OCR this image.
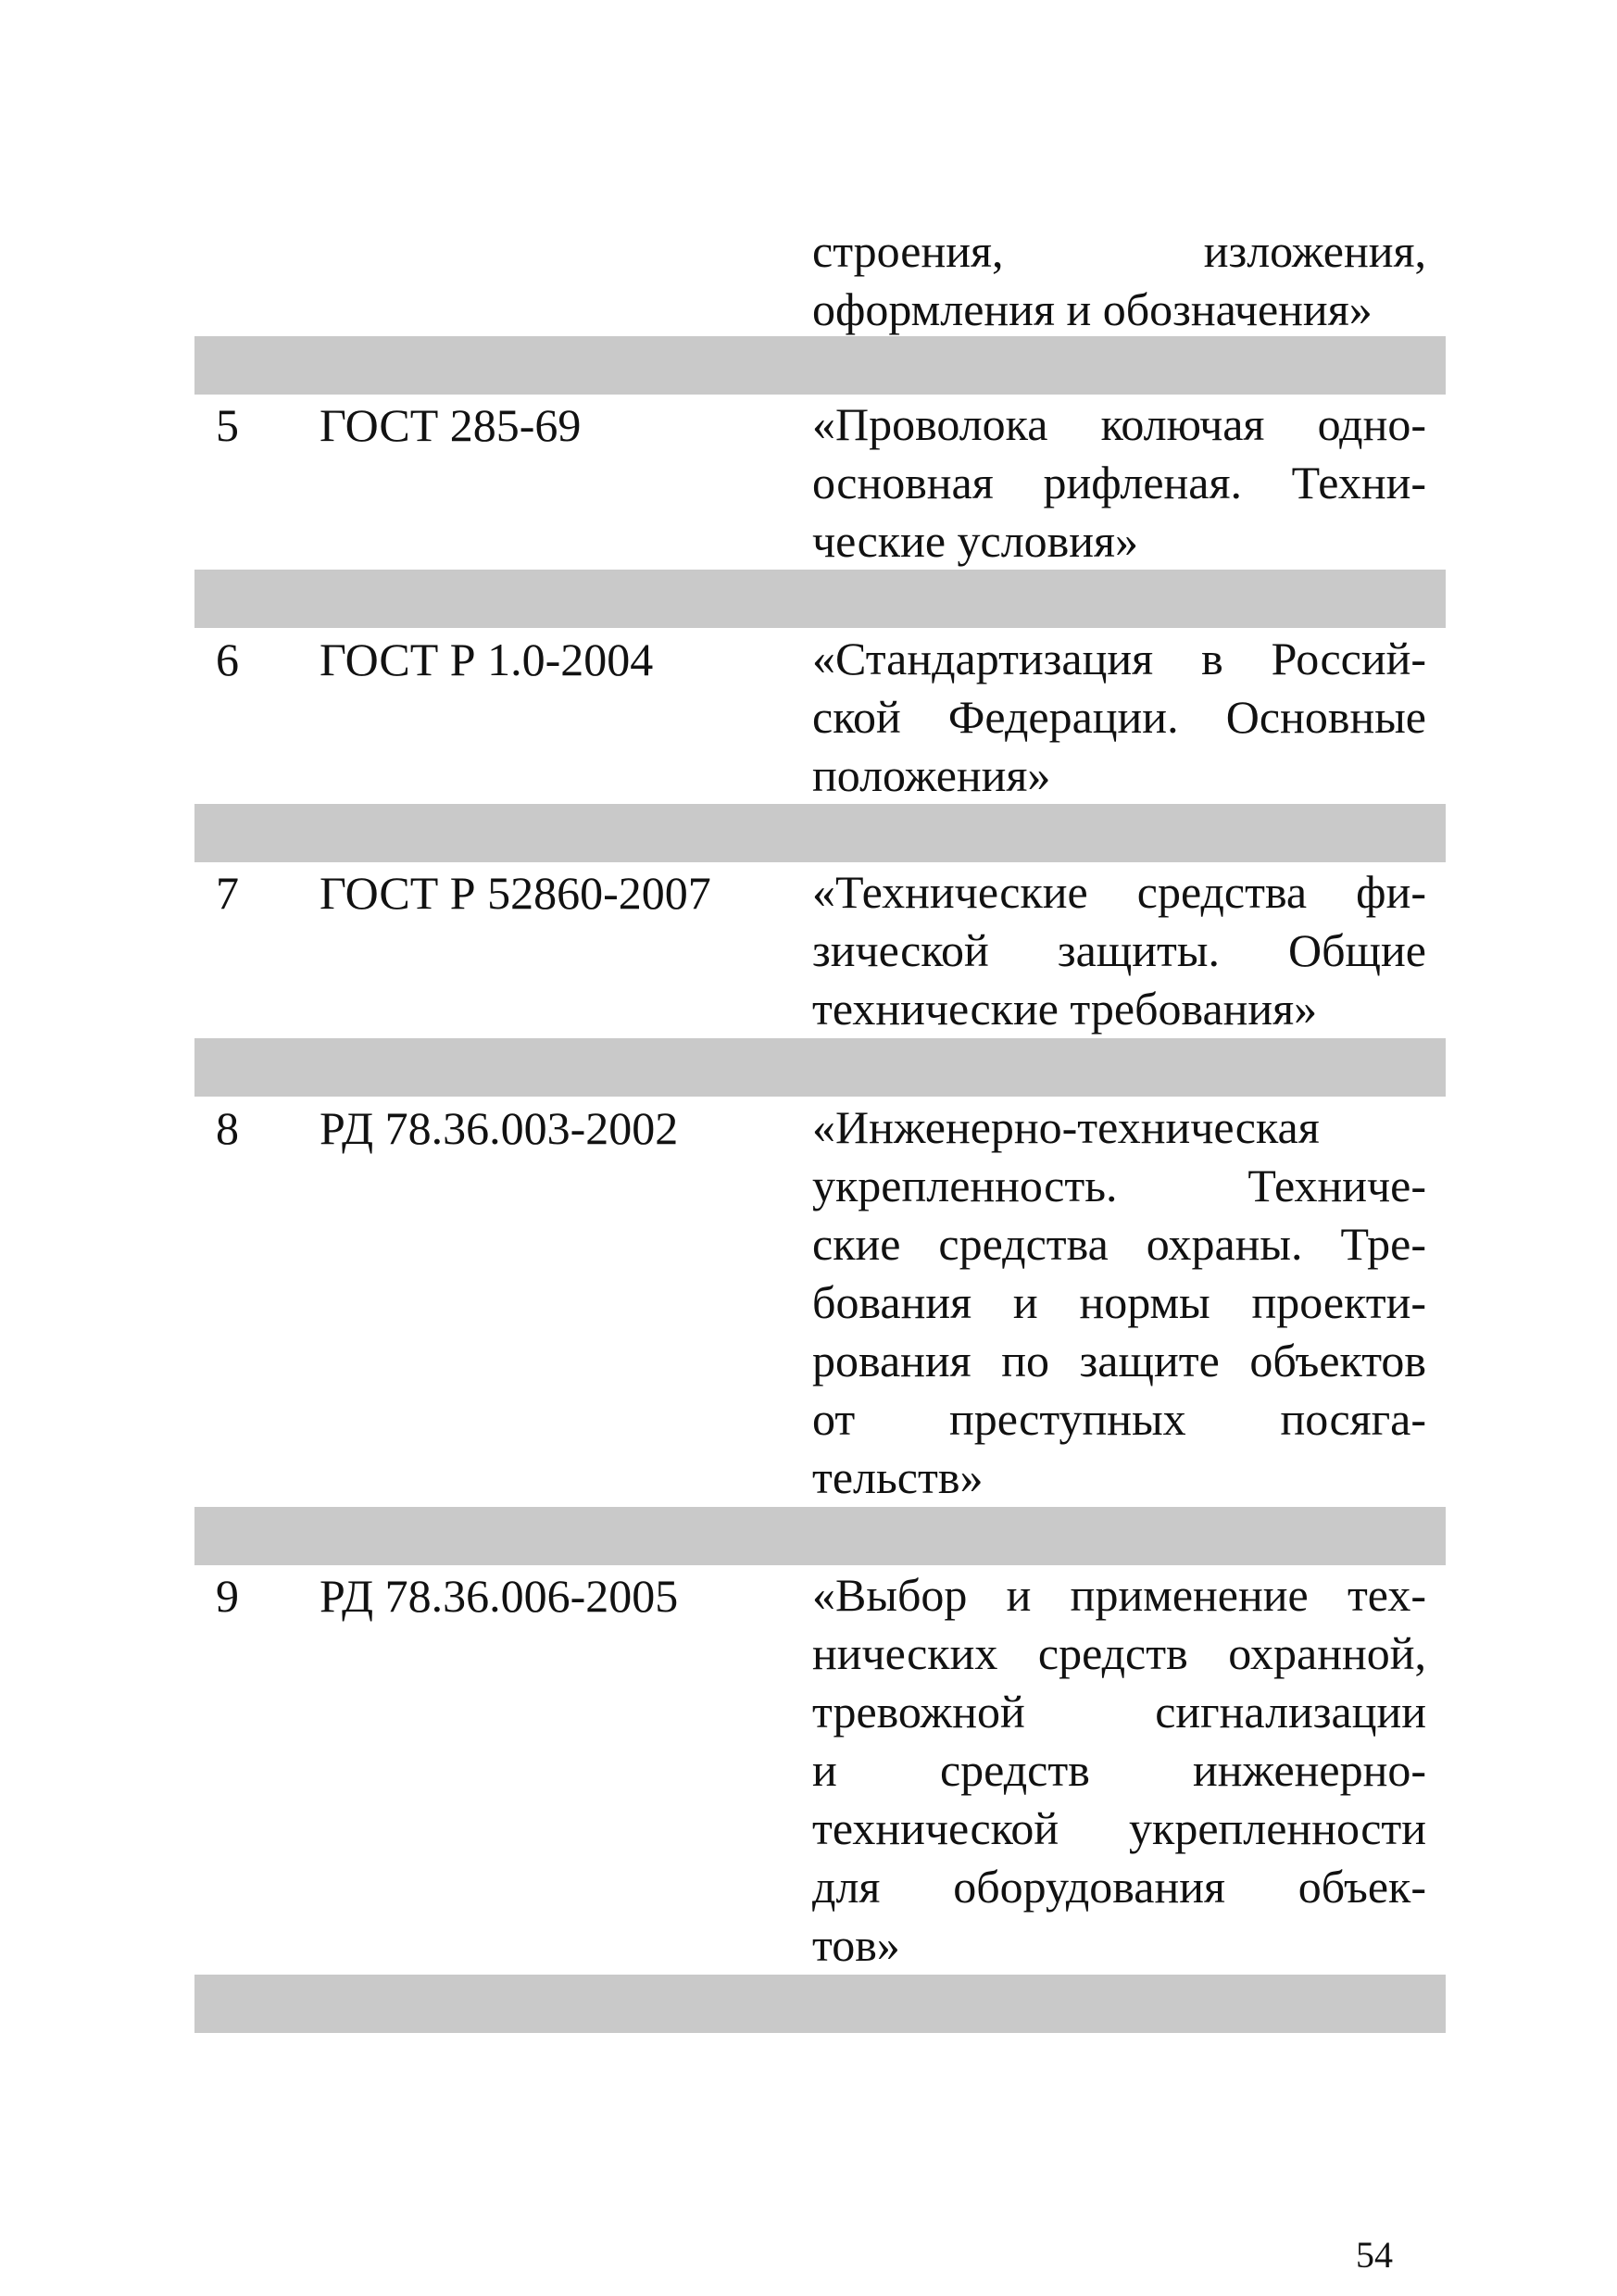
строения, изложения,
оформления и обозначения»
5 ГОСТ 285-69	«Проволока колючая одно-
основная рифленая. Техни-
ческие условия»
6 ГОСТ Р 1.0-2004	«Стандартизация в Россий-
ской Федерации. Основные
положения»
7 ГОСТ Р 52860-2007 «Технические средства фи-
зической защиты. Общие
технические требования»
8 РД 78.36.003-2002	«Инженерно-техническая
укрепленность. Техниче-
ские средства охраны. Тре-
бования и нормы проекти-
рования по защите объектов
от преступных посяга-
тельств»
9 РД 78.36.006-2005	«Выбор и применение тех-
нических средств охранной,
тревожной сигнализации
и средств инженерно-
технической укрепленности
для оборудования объек-
тов»
54
